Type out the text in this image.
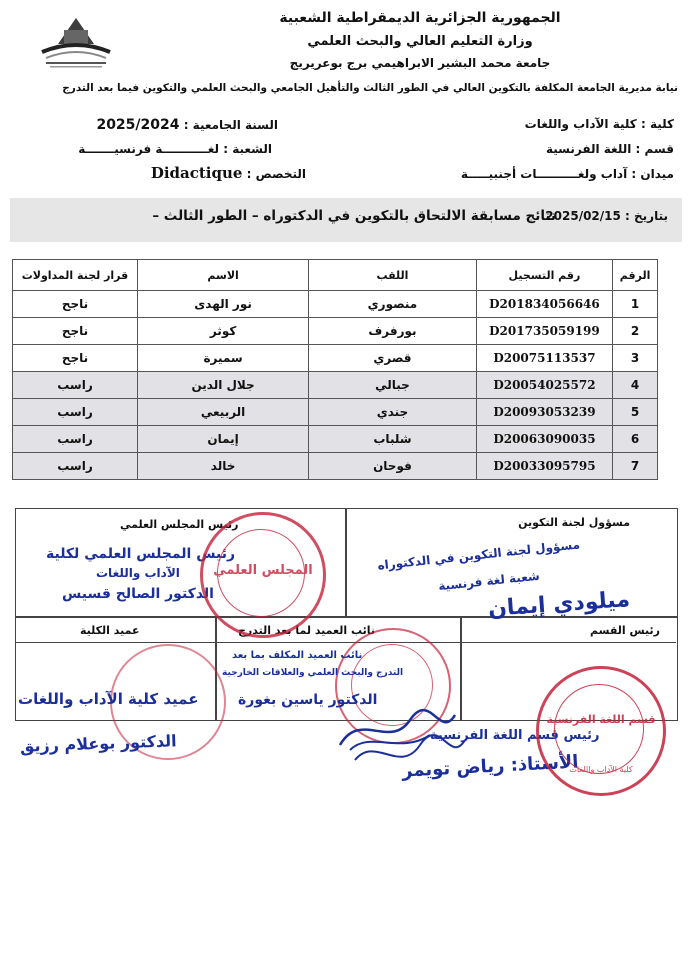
الجمهورية الجزائرية الديمقراطية الشعبية
وزارة التعليم العالي والبحث العلمي
جامعة محمد البشير الابراهيمي برج بوعريريج
نيابة مديرية الجامعة المكلفة بالتكوين العالي في الطور الثالث والتأهيل الجامعي والبحث العلمي والتكوين فيما بعد التدرج
كلية : كلية الآداب واللغات
قسم : اللغة الفرنسية
ميدان : آداب ولغــــــــــات أجنبيـــــة
السنة الجامعية : 2025/2024
الشعبة : لغـــــــــــة فرنسيـــــــة
Didactique : التخصص
بتاريخ : 2025/02/15
نتائج مسابقة الالتحاق بالتكوين في الدكتوراه – الطور الثالث –
الرقم	رقم التسجيل	اللقب	الاسم	قرار لجنة المداولات
1	D201834056646	منصوري	نور الهدى	ناجح
2	D201735059199	بورفرف	كوثر	ناجح
3	D20075113537	قصري	سميرة	ناجح
4	D20054025572	جبالي	جلال الدين	راسب
5	D20093053239	جندي	الربيعي	راسب
6	D20063090035	شلباب	إيمان	راسب
7	D20033095795	فوحان	خالد	راسب
رئيس المجلس العلمي	مسؤول لجنة التكوين
عميد الكلية	نائب العميد لما بعد التدرج	رئيس القسم
رئيس المجلس العلمي لكلية
الآداب واللغات
الدكتور الصالح قسيس
المجلس العلمي	مسؤول لجنة التكوين في الدكتوراه
شعبة لغة فرنسية
ميلودي إيمان
عميد كلية الآداب واللغات
الدكتور بوعلام رزيق
نائب العميد المكلف بما بعد
التدرج والبحث العلمي والعلاقات الخارجية
الدكتور ياسين بغورة
رئيس قسم اللغة الفرنسية
الأستاذ: رياض تويمر
قسم اللغة الفرنسية
كلية الآداب واللغات
